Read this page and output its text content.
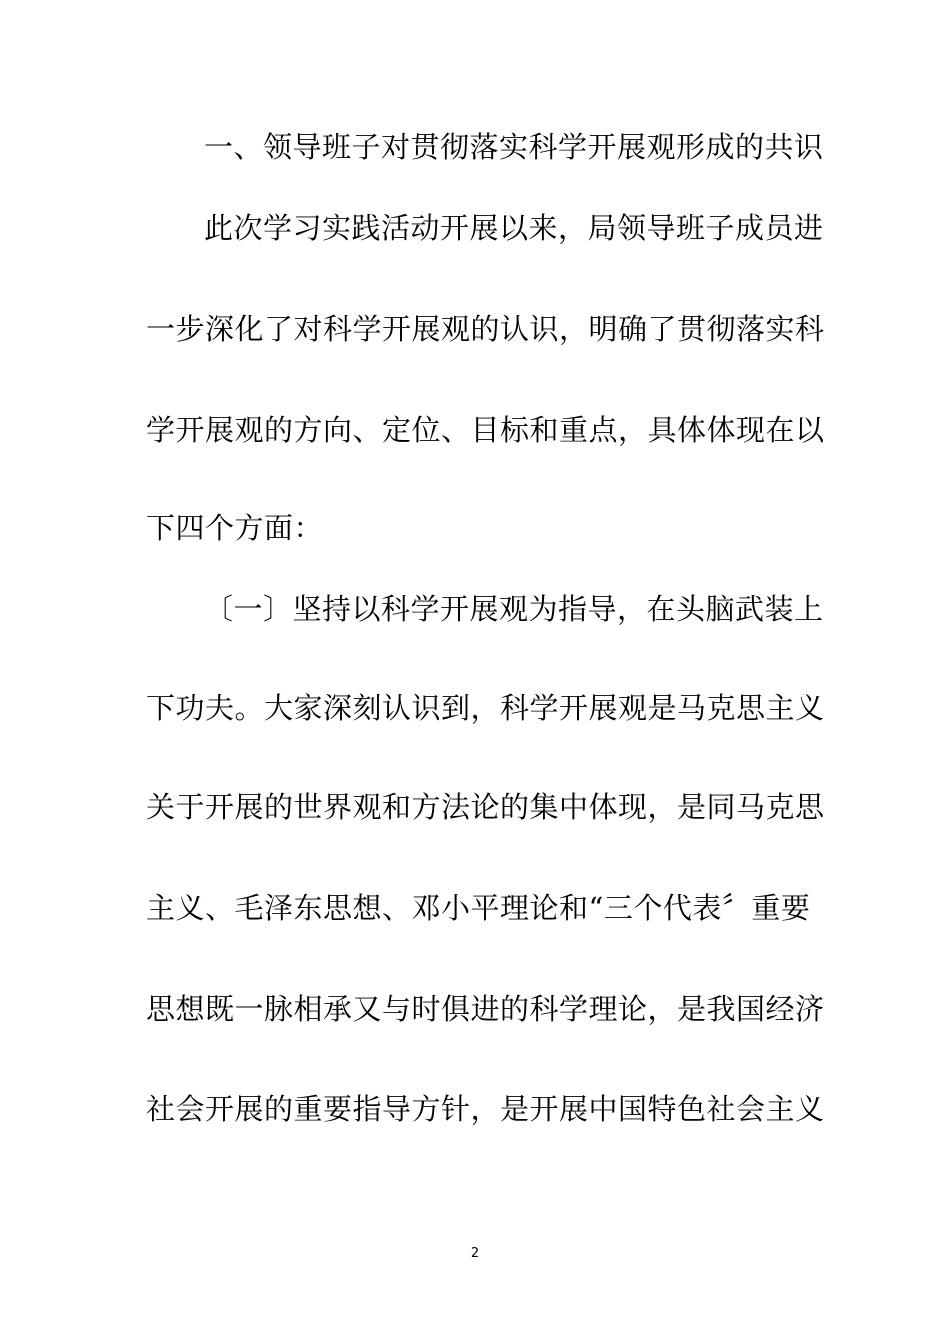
一、领导班子对贯彻落实科学开展观形成的共识
此次学习实践活动开展以来，局领导班子成员进
一步深化了对科学开展观的认识，明确了贯彻落实科
学开展观的方向、定位、目标和重点，具体体现在以
下四个方面：
〔一〕坚持以科学开展观为指导，在头脑武装上
下功夫。大家深刻认识到，科学开展观是马克思主义
关于开展的世界观和方法论的集中体现，是同马克思
主义、毛泽东思想、邓小平理论和“三个代表〞重要
思想既一脉相承又与时俱进的科学理论，是我国经济
社会开展的重要指导方针，是开展中国特色社会主义
2
